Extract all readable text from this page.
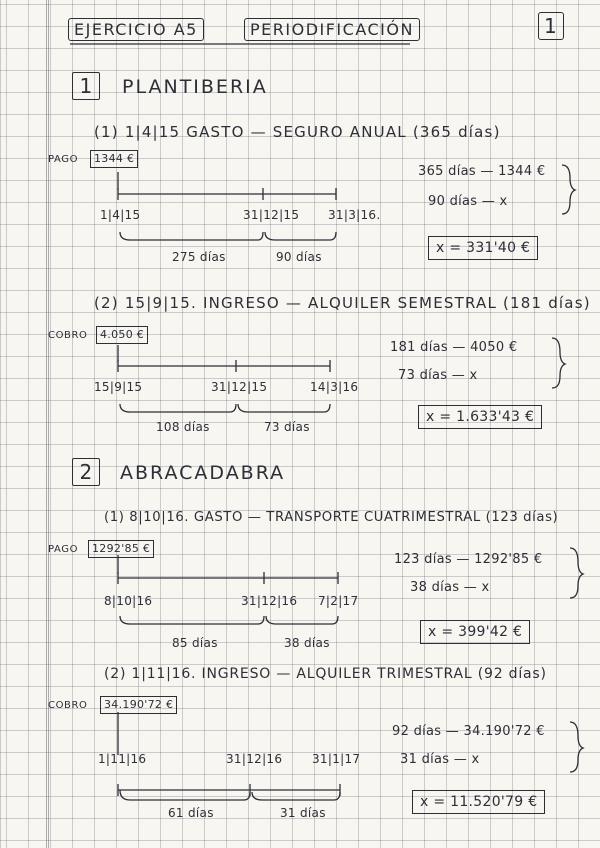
EJERCICIO A5	PERIODIFICACIÓN	1
1	PLANTIBERIA
(1) 1|4|15 GASTO — SEGURO ANUAL (365 días)
PAGO	1344 €
1|4|15	31|12|15 31|3|16.
275 días	90 días
365 días — 1344 €
90 días — x
x = 331'40 €
(2) 15|9|15. INGRESO — ALQUILER SEMESTRAL (181 días)
COBRO	4.050 €
15|9|15	31|12|15	14|3|16
108 días	73 días
181 días — 4050 €
73 días — x
x = 1.633'43 €
2	ABRACADABRA
(1) 8|10|16. GASTO — TRANSPORTE CUATRIMESTRAL (123 días)
PAGO	1292'85 €
8|10|16	31|12|16 7|2|17
85 días	38 días
123 días — 1292'85 €
38 días — x
x = 399'42 €
(2) 1|11|16. INGRESO — ALQUILER TRIMESTRAL (92 días)
COBRO	34.190'72 €
1|11|16	31|12|16 31|1|17
61 días	31 días
92 días — 34.190'72 €
31 días — x
x = 11.520'79 €
